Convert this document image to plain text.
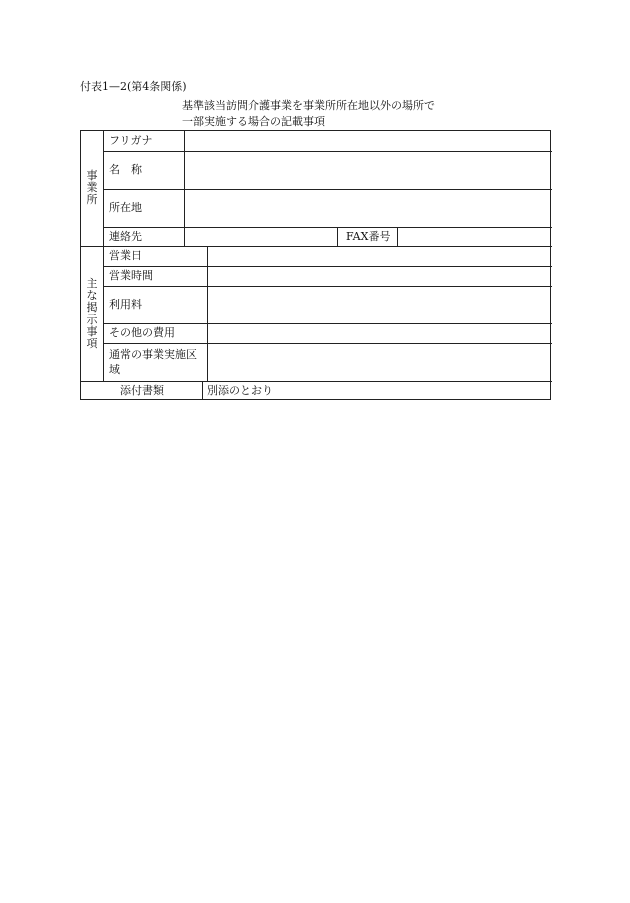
付表1—2(第4条関係)
基準該当訪問介護事業を事業所所在地以外の場所で
一部実施する場合の記載事項
事業所
主な掲示事項
フリガナ
名　称
所在地
連絡先	FAX番号
営業日
営業時間
利用料
その他の費用
通常の事業実施区域
添付書類	別添のとおり
